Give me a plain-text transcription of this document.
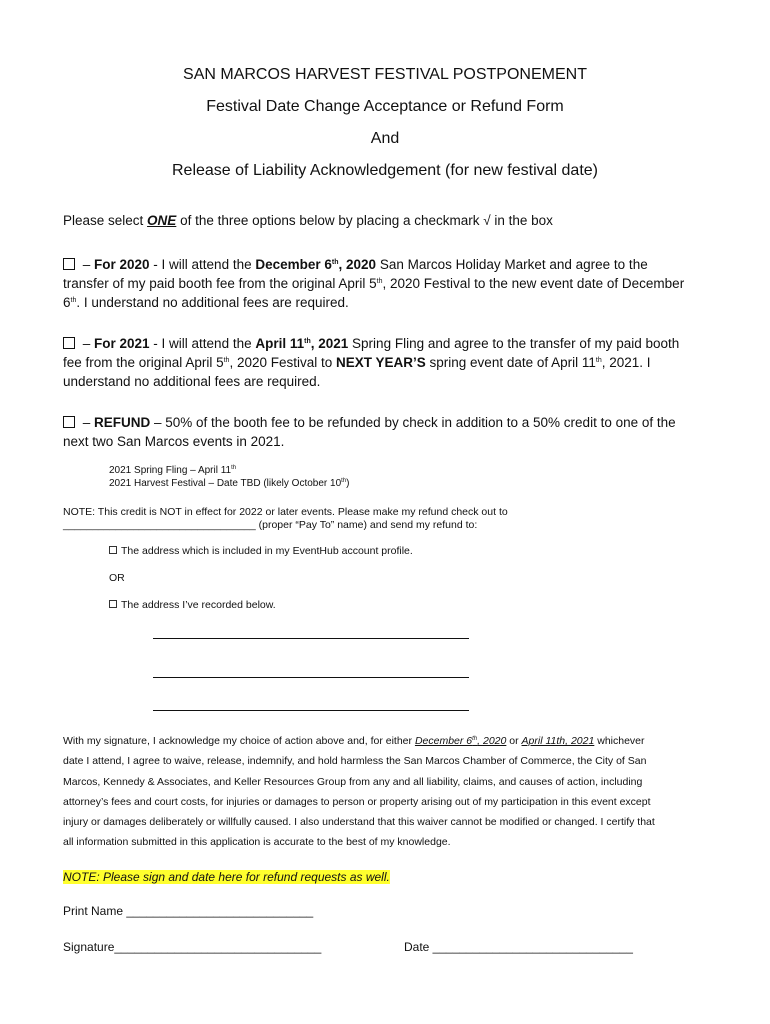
SAN MARCOS HARVEST FESTIVAL POSTPONEMENT
Festival Date Change Acceptance or Refund Form
And
Release of Liability Acknowledgement (for new festival date)
Please select ONE of the three options below by placing a checkmark √ in the box
– For 2020 - I will attend the December 6th, 2020 San Marcos Holiday Market and agree to the
transfer of my paid booth fee from the original April 5th, 2020 Festival to the new event date of December
6th. I understand no additional fees are required.
– For 2021 - I will attend the April 11th, 2021 Spring Fling and agree to the transfer of my paid booth
fee from the original April 5th, 2020 Festival to NEXT YEAR’S spring event date of April 11th, 2021. I
understand no additional fees are required.
– REFUND – 50% of the booth fee to be refunded by check in addition to a 50% credit to one of the
next two San Marcos events in 2021.
2021 Spring Fling – April 11th
2021 Harvest Festival – Date TBD (likely October 10th)
NOTE: This credit is NOT in effect for 2022 or later events. Please make my refund check out to
_________________________________ (proper “Pay To” name) and send my refund to:
The address which is included in my EventHub account profile.
OR
The address I’ve recorded below.
With my signature, I acknowledge my choice of action above and, for either December 6th, 2020 or April 11th, 2021 whichever
date I attend, I agree to waive, release, indemnify, and hold harmless the San Marcos Chamber of Commerce, the City of San
Marcos, Kennedy & Associates, and Keller Resources Group from any and all liability, claims, and causes of action, including
attorney’s fees and court costs, for injuries or damages to person or property arising out of my participation in this event except
injury or damages deliberately or willfully caused. I also understand that this waiver cannot be modified or changed. I certify that
all information submitted in this application is accurate to the best of my knowledge.
NOTE: Please sign and date here for refund requests as well.
Print Name ____________________________
Signature_______________________________	Date ______________________________
